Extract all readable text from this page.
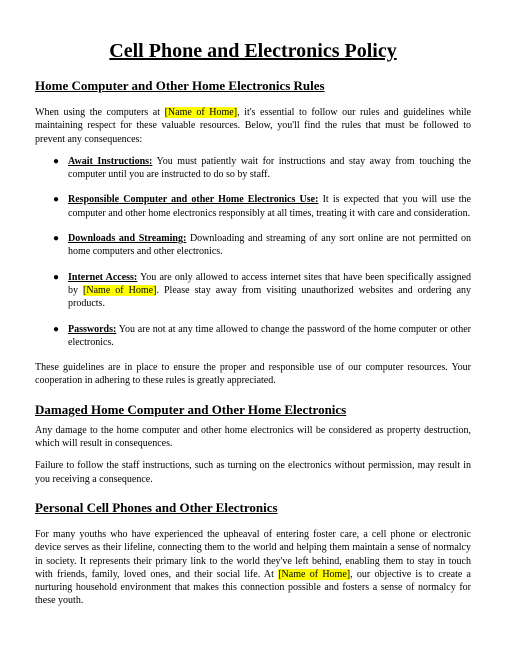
Cell Phone and Electronics Policy
Home Computer and Other Home Electronics Rules
When using the computers at [Name of Home], it's essential to follow our rules and guidelines while maintaining respect for these valuable resources. Below, you'll find the rules that must be followed to prevent any consequences:
● Await Instructions: You must patiently wait for instructions and stay away from touching the computer until you are instructed to do so by staff.
● Responsible Computer and other Home Electronics Use: It is expected that you will use the computer and other home electronics responsibly at all times, treating it with care and consideration.
● Downloads and Streaming: Downloading and streaming of any sort online are not permitted on home computers and other electronics.
● Internet Access: You are only allowed to access internet sites that have been specifically assigned by [Name of Home]. Please stay away from visiting unauthorized websites and ordering any products.
● Passwords: You are not at any time allowed to change the password of the home computer or other electronics.
These guidelines are in place to ensure the proper and responsible use of our computer resources. Your cooperation in adhering to these rules is greatly appreciated.
Damaged Home Computer and Other Home Electronics
Any damage to the home computer and other home electronics will be considered as property destruction, which will result in consequences.
Failure to follow the staff instructions, such as turning on the electronics without permission, may result in you receiving a consequence.
Personal Cell Phones and Other Electronics
For many youths who have experienced the upheaval of entering foster care, a cell phone or electronic device serves as their lifeline, connecting them to the world and helping them maintain a sense of normalcy in society. It represents their primary link to the world they've left behind, enabling them to stay in touch with friends, family, loved ones, and their social life. At [Name of Home], our objective is to create a nurturing household environment that makes this connection possible and fosters a sense of normalcy for these youth.
